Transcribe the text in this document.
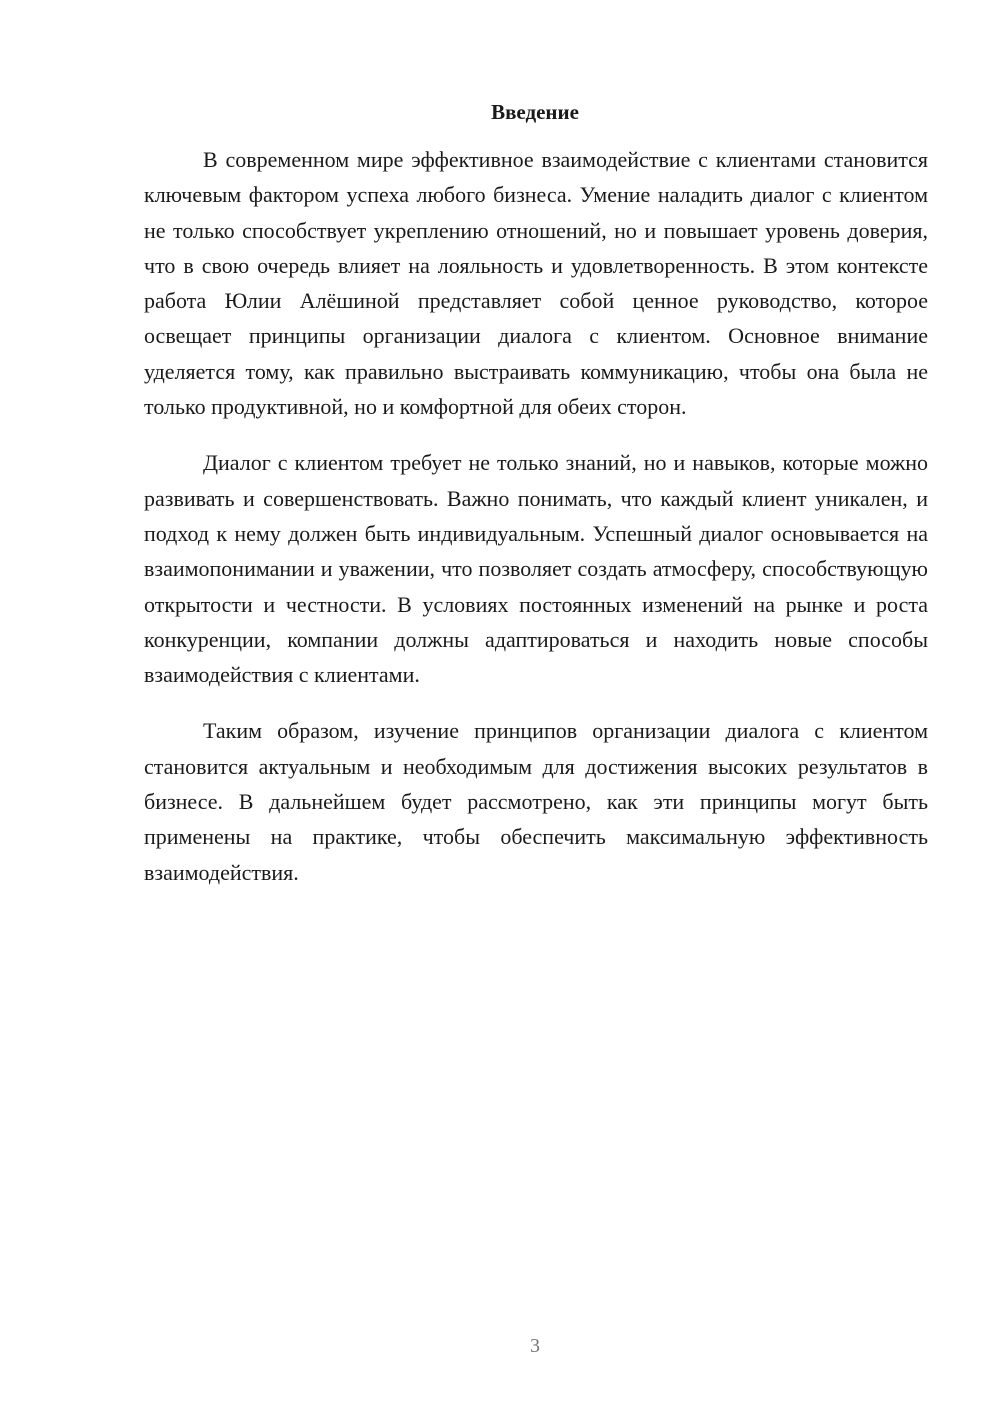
Введение

В современном мире эффективное взаимодействие с клиентами становится ключевым фактором успеха любого бизнеса. Умение наладить диалог с клиентом не только способствует укреплению отношений, но и повышает уровень доверия, что в свою очередь влияет на лояльность и удовлетворенность. В этом контексте работа Юлии Алёшиной представляет собой ценное руководство, которое освещает принципы организации диалога с клиентом. Основное внимание уделяется тому, как правильно выстраивать коммуникацию, чтобы она была не только продуктивной, но и комфортной для обеих сторон.

Диалог с клиентом требует не только знаний, но и навыков, которые можно развивать и совершенствовать. Важно понимать, что каждый клиент уникален, и подход к нему должен быть индивидуальным. Успешный диалог основывается на взаимопонимании и уважении, что позволяет создать атмосферу, способствующую открытости и честности. В условиях постоянных изменений на рынке и роста конкуренции, компании должны адаптироваться и находить новые способы взаимодействия с клиентами.

Таким образом, изучение принципов организации диалога с клиентом становится актуальным и необходимым для достижения высоких результатов в бизнесе. В дальнейшем будет рассмотрено, как эти принципы могут быть применены на практике, чтобы обеспечить максимальную эффективность взаимодействия.

3
